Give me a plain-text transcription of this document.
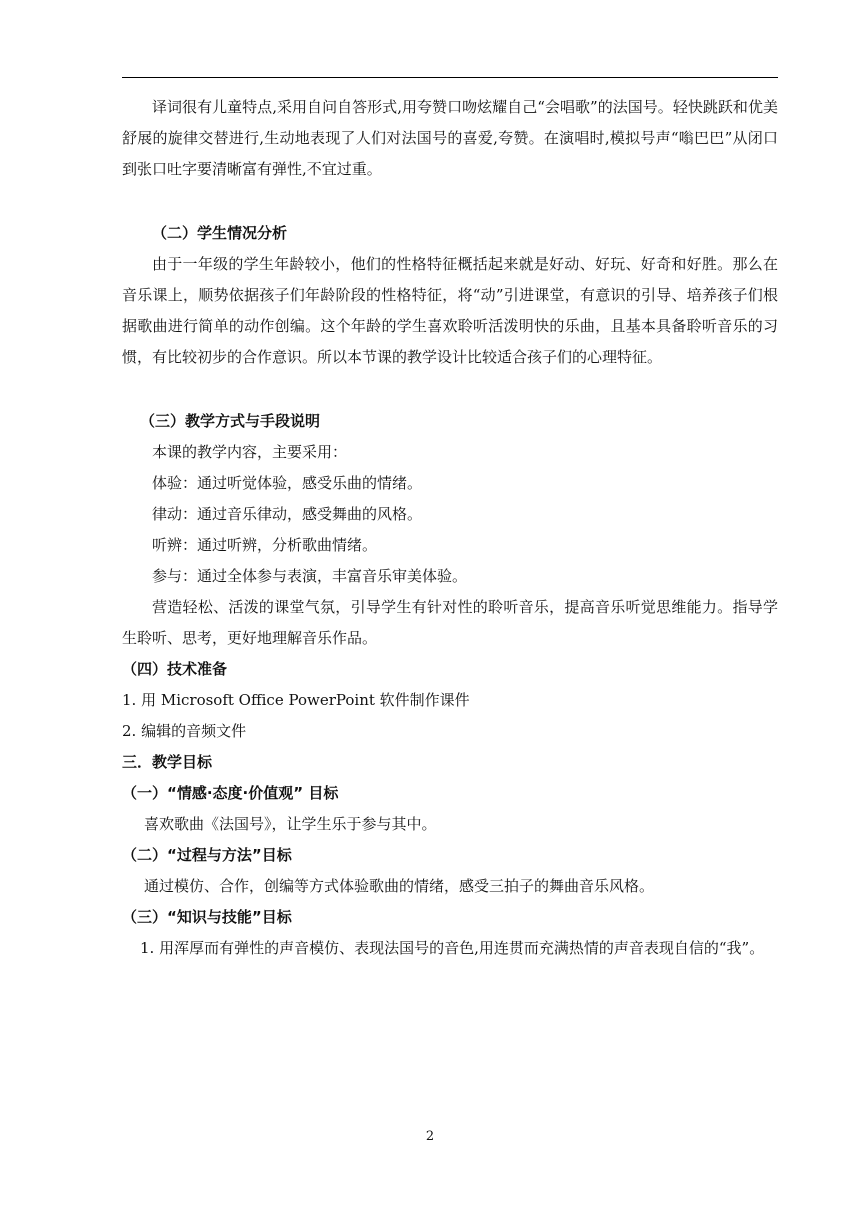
译词很有儿童特点,采用自问自答形式,用夸赞口吻炫耀自己“会唱歌”的法国号。轻快跳跃和优美舒展的旋律交替进行,生动地表现了人们对法国号的喜爱,夸赞。在演唱时,模拟号声“嗡巴巴”从闭口到张口吐字要清晰富有弹性,不宜过重。

（二）学生情况分析

由于一年级的学生年龄较小，他们的性格特征概括起来就是好动、好玩、好奇和好胜。那么在音乐课上，顺势依据孩子们年龄阶段的性格特征，将“动”引进课堂，有意识的引导、培养孩子们根据歌曲进行简单的动作创编。这个年龄的学生喜欢聆听活泼明快的乐曲，且基本具备聆听音乐的习惯，有比较初步的合作意识。所以本节课的教学设计比较适合孩子们的心理特征。

（三）教学方式与手段说明

本课的教学内容，主要采用：

体验：通过听觉体验，感受乐曲的情绪。

律动：通过音乐律动，感受舞曲的风格。

听辨：通过听辨，分析歌曲情绪。

参与：通过全体参与表演，丰富音乐审美体验。

营造轻松、活泼的课堂气氛，引导学生有针对性的聆听音乐，提高音乐听觉思维能力。指导学生聆听、思考，更好地理解音乐作品。

（四）技术准备

1. 用 Microsoft Office PowerPoint 软件制作课件

2. 编辑的音频文件

三．教学目标

（一）“情感·态度·价值观” 目标

喜欢歌曲《法国号》，让学生乐于参与其中。

（二）“过程与方法”目标

通过模仿、合作，创编等方式体验歌曲的情绪，感受三拍子的舞曲音乐风格。

（三）“知识与技能”目标

1. 用浑厚而有弹性的声音模仿、表现法国号的音色,用连贯而充满热情的声音表现自信的“我”。

2
